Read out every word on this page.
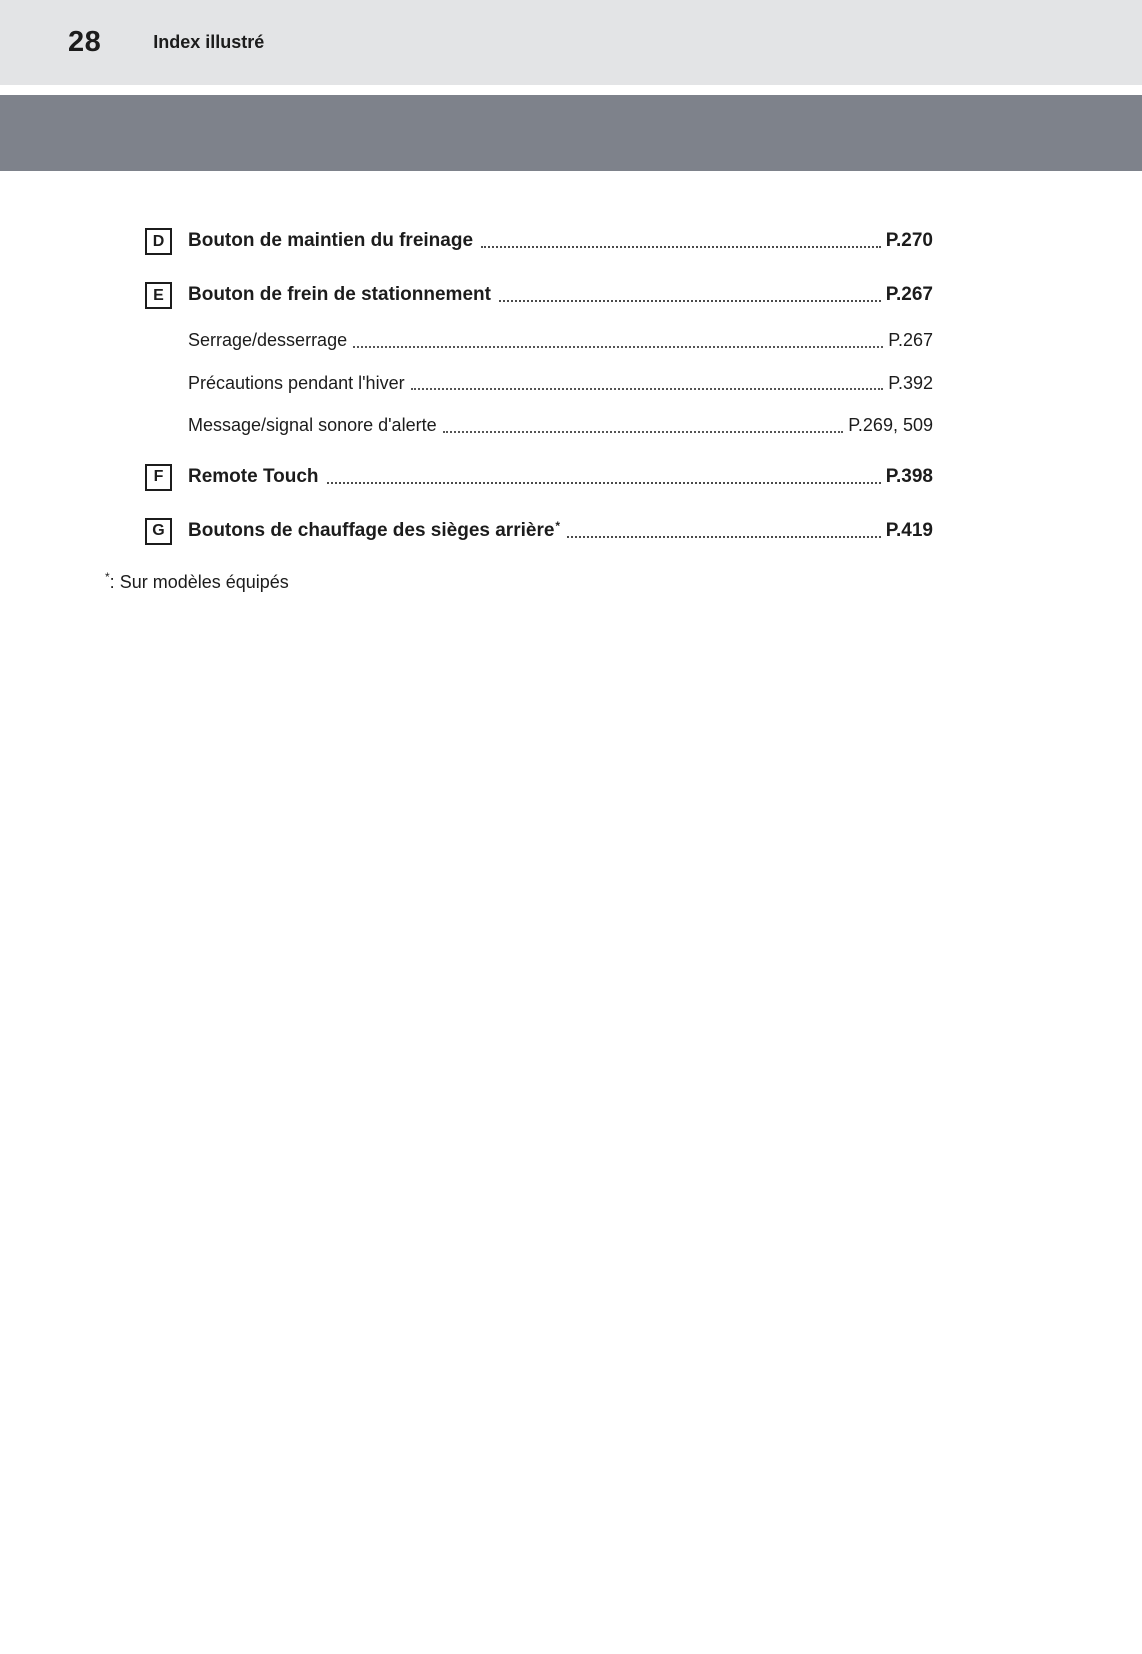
28	Index illustré
D Bouton de maintien du freinage	P.270
E Bouton de frein de stationnement	P.267
Serrage/desserrage	P.267
Précautions pendant l'hiver	P.392
Message/signal sonore d'alerte	P.269, 509
F Remote Touch	P.398
G Boutons de chauffage des sièges arrière*	P.419
*: Sur modèles équipés
